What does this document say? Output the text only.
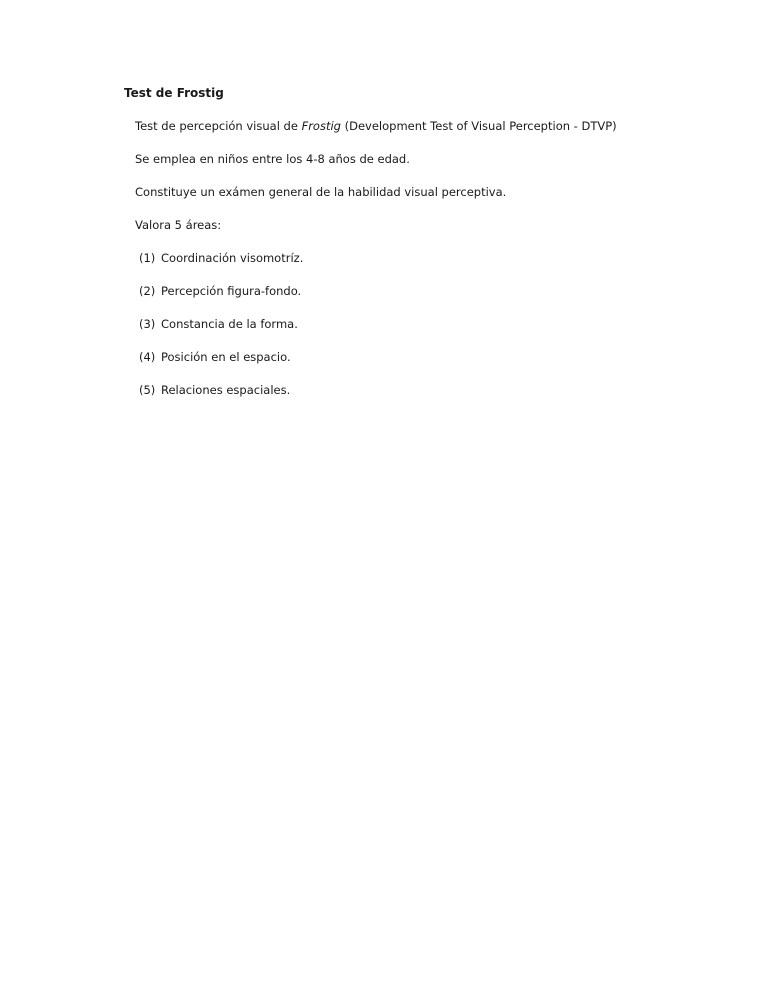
Test de Frostig
Test de percepción visual de Frostig (Development Test of Visual Perception - DTVP)
Se emplea en niños entre los 4-8 años de edad.
Constituye un exámen general de la habilidad visual perceptiva.
Valora 5 áreas:
(1) Coordinación visomotríz.
(2) Percepción figura-fondo.
(3) Constancia de la forma.
(4) Posición en el espacio.
(5) Relaciones espaciales.
